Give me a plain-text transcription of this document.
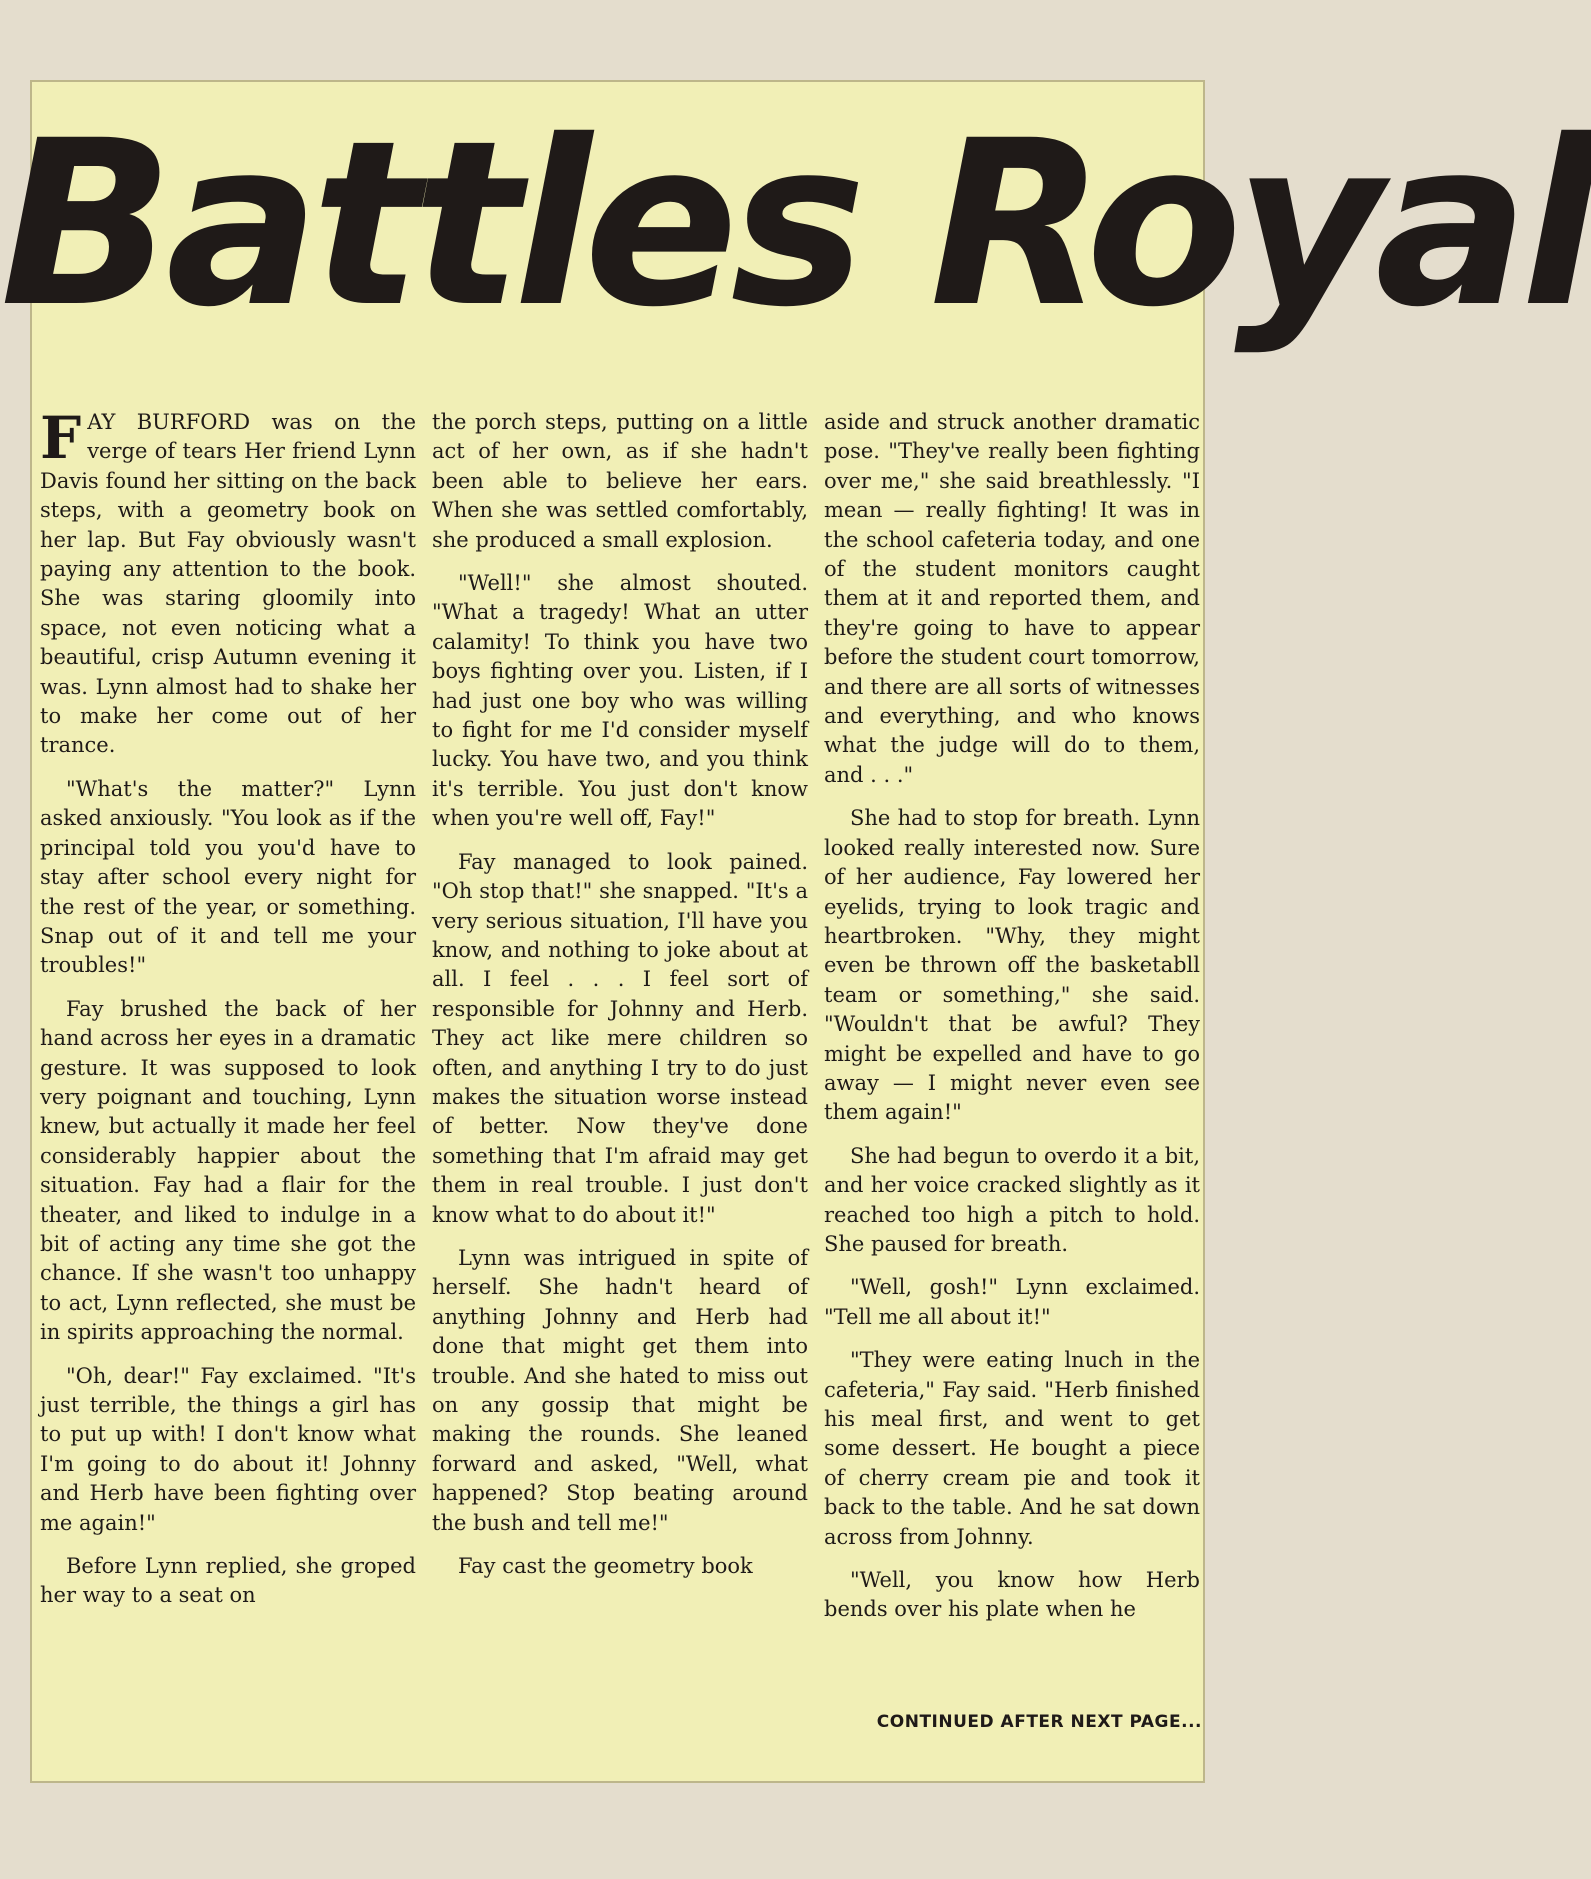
Battles Royal

FAY BURFORD was on the verge of tears Her friend Lynn Davis found her sitting on the back steps, with a geometry book on her lap. But Fay obviously wasn't paying any attention to the book. She was staring gloomily into space, not even noticing what a beautiful, crisp Autumn evening it was. Lynn almost had to shake her to make her come out of her trance.

"What's the matter?" Lynn asked anxiously. "You look as if the principal told you you'd have to stay after school every night for the rest of the year, or something. Snap out of it and tell me your troubles!"

Fay brushed the back of her hand across her eyes in a dramatic gesture. It was supposed to look very poignant and touching, Lynn knew, but actually it made her feel considerably happier about the situation. Fay had a flair for the theater, and liked to indulge in a bit of acting any time she got the chance. If she wasn't too unhappy to act, Lynn reflected, she must be in spirits approaching the normal.

"Oh, dear!" Fay exclaimed. "It's just terrible, the things a girl has to put up with! I don't know what I'm going to do about it! Johnny and Herb have been fighting over me again!"

Before Lynn replied, she groped her way to a seat on

the porch steps, putting on a little act of her own, as if she hadn't been able to believe her ears. When she was settled comfortably, she produced a small explosion.

"Well!" she almost shouted. "What a tragedy! What an utter calamity! To think you have two boys fighting over you. Listen, if I had just one boy who was willing to fight for me I'd consider myself lucky. You have two, and you think it's terrible. You just don't know when you're well off, Fay!"

Fay managed to look pained. "Oh stop that!" she snapped. "It's a very serious situation, I'll have you know, and nothing to joke about at all. I feel . . . I feel sort of responsible for Johnny and Herb. They act like mere children so often, and anything I try to do just makes the situation worse instead of better. Now they've done something that I'm afraid may get them in real trouble. I just don't know what to do about it!"

Lynn was intrigued in spite of herself. She hadn't heard of anything Johnny and Herb had done that might get them into trouble. And she hated to miss out on any gossip that might be making the rounds. She leaned forward and asked, "Well, what happened? Stop beating around the bush and tell me!"

Fay cast the geometry book

aside and struck another dramatic pose. "They've really been fighting over me," she said breathlessly. "I mean — really fighting! It was in the school cafeteria today, and one of the student monitors caught them at it and reported them, and they're going to have to appear before the student court tomorrow, and there are all sorts of witnesses and everything, and who knows what the judge will do to them, and . . ."

She had to stop for breath. Lynn looked really interested now. Sure of her audience, Fay lowered her eyelids, trying to look tragic and heartbroken. "Why, they might even be thrown off the basketabll team or something," she said. "Wouldn't that be awful? They might be expelled and have to go away — I might never even see them again!"

She had begun to overdo it a bit, and her voice cracked slightly as it reached too high a pitch to hold. She paused for breath.

"Well, gosh!" Lynn exclaimed. "Tell me all about it!"

"They were eating lnuch in the cafeteria," Fay said. "Herb finished his meal first, and went to get some dessert. He bought a piece of cherry cream pie and took it back to the table. And he sat down across from Johnny.

"Well, you know how Herb bends over his plate when he

CONTINUED AFTER NEXT PAGE...
